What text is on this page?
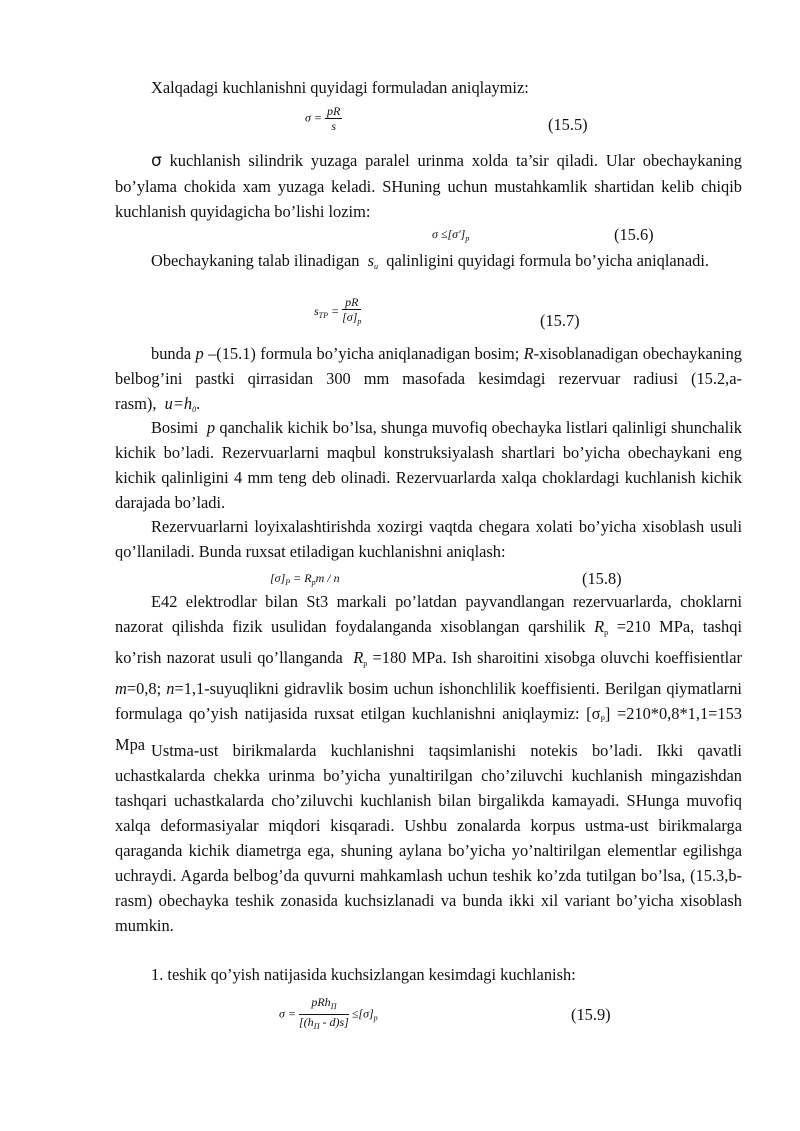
Xalqadagi kuchlanishni quyidagi formuladan aniqlaymiz:

$\sigma = \frac{pR}{s}$	(15.5)

σ kuchlanish silindrik yuzaga paralel urinma xolda ta’sir qiladi. Ular obechaykaning bo’ylama chokida xam yuzaga keladi. SHuning uchun mustahkamlik shartidan kelib chiqib kuchlanish quyidagicha bo’lishi lozim:

$\sigma \le[\sigma']_p$	(15.6)

Obechaykaning talab ilinadigan $s_u$ qalinligini quyidagi formula bo’yicha aniqlanadi.

$s_{TP} = \frac{pR}{[\sigma]_p}$	(15.7)

bunda p –(15.1) formula bo’yicha aniqlanadigan bosim; R-xisoblanadigan obechaykaning belbog’ini pastki qirrasidan 300 mm masofada kesimdagi rezervuar radiusi (15.2,a-rasm), $u=h_0$.

Bosimi p qanchalik kichik bo’lsa, shunga muvofiq obechayka listlari qalinligi shunchalik kichik bo’ladi. Rezervuarlarni maqbul konstruksiyalash shartlari bo’yicha obechaykani eng kichik qalinligini 4 mm teng deb olinadi. Rezervuarlarda xalqa choklardagi kuchlanish kichik darajada bo’ladi.

Rezervuarlarni loyixalashtirishda xozirgi vaqtda chegara xolati bo’yicha xisoblash usuli qo’llaniladi. Bunda ruxsat etiladigan kuchlanishni aniqlash:

$[\sigma]_P = R_pm / n$	(15.8)

E42 elektrodlar bilan St3 markali po’latdan payvandlangan rezervuarlarda, choklarni nazorat qilishda fizik usulidan foydalanganda xisoblangan qarshilik $R_p =210$ MPa, tashqi ko’rish nazorat usuli qo’llanganda $R_p =180$ MPa. Ish sharoitini xisobga oluvchi koeffisientlar m=0,8; n=1,1-suyuqlikni gidravlik bosim uchun ishonchlilik koeffisienti. Berilgan qiymatlarni formulaga qo’yish natijasida ruxsat etilgan kuchlanishni aniqlaymiz: $[\sigma_P] =210*0,8*1,1=153$ Mpa Ustma-ust birikmalarda kuchlanishni taqsimlanishi notekis bo’ladi. Ikki qavatli uchastkalarda chekka urinma bo’yicha yunaltirilgan cho’ziluvchi kuchlanish mingazishdan tashqari uchastkalarda cho’ziluvchi kuchlanish bilan birgalikda kamayadi. SHunga muvofiq xalqa deformasiyalar miqdori kisqaradi. Ushbu zonalarda korpus ustma-ust birikmalarga qaraganda kichik diametrga ega, shuning aylana bo’yicha yo’naltirilgan elementlar egilishga uchraydi. Agarda belbog’da quvurni mahkamlash uchun teshik ko’zda tutilgan bo’lsa, (15.3,b-rasm) obechayka teshik zonasida kuchsizlanadi va bunda ikki xil variant bo’yicha xisoblash mumkin.

1. teshik qo’yish natijasida kuchsizlangan kesimdagi kuchlanish:

$\sigma = \frac{pRh_П}{[(h_П - d)s]} \le[\sigma]_p$	(15.9)
